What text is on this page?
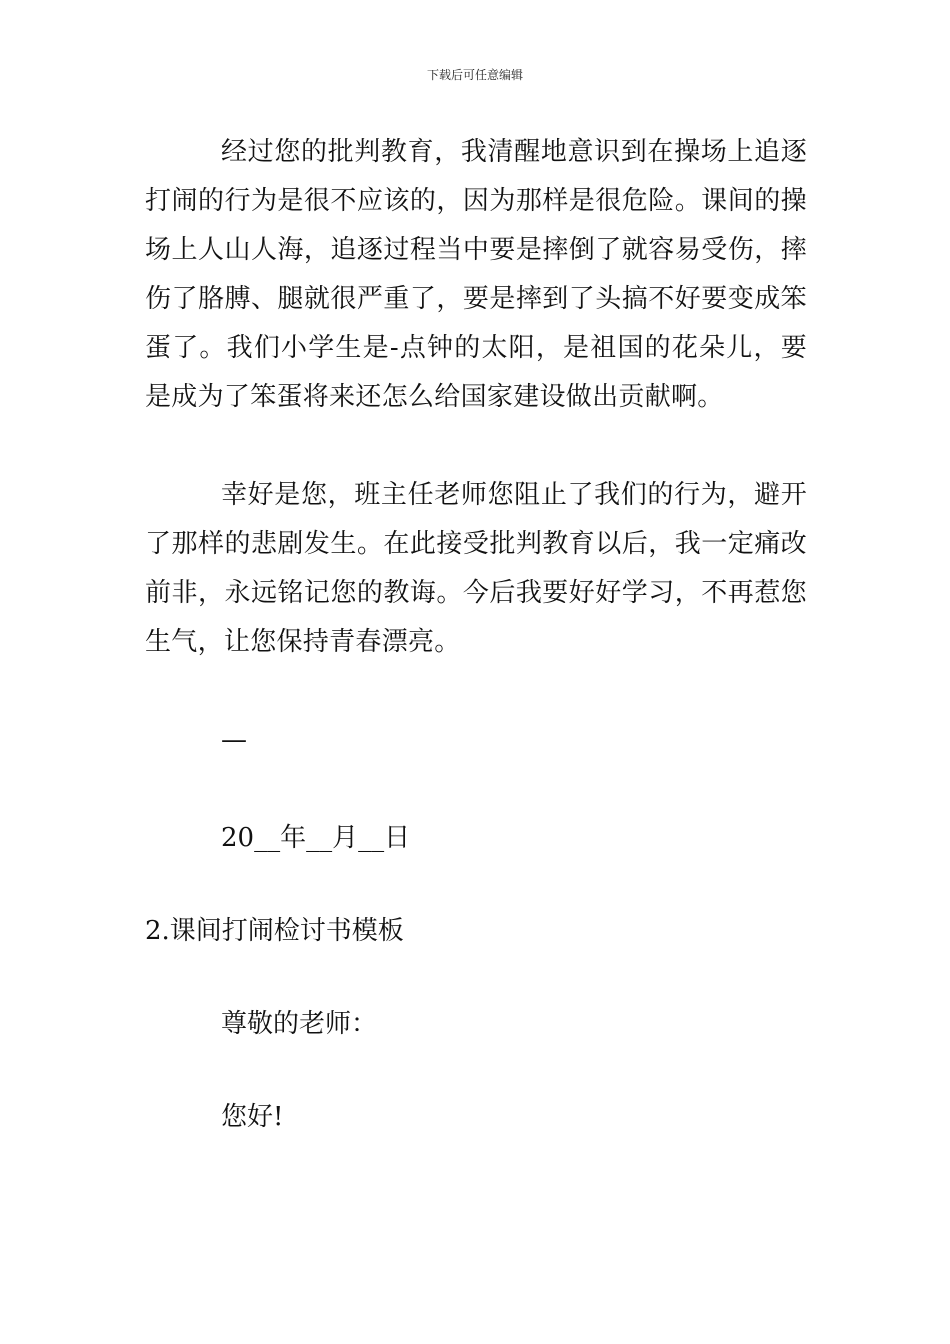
下载后可任意编辑

经过您的批判教育，我清醒地意识到在操场上追逐打闹的行为是很不应该的，因为那样是很危险。课间的操场上人山人海，追逐过程当中要是摔倒了就容易受伤，摔伤了胳膊、腿就很严重了，要是摔到了头搞不好要变成笨蛋了。我们小学生是-点钟的太阳，是祖国的花朵儿，要是成为了笨蛋将来还怎么给国家建设做出贡献啊。

幸好是您，班主任老师您阻止了我们的行为，避开了那样的悲剧发生。在此接受批判教育以后，我一定痛改前非，永远铭记您的教诲。今后我要好好学习，不再惹您生气，让您保持青春漂亮。

—

20__年__月__日

2.课间打闹检讨书模板

尊敬的老师：

您好!
